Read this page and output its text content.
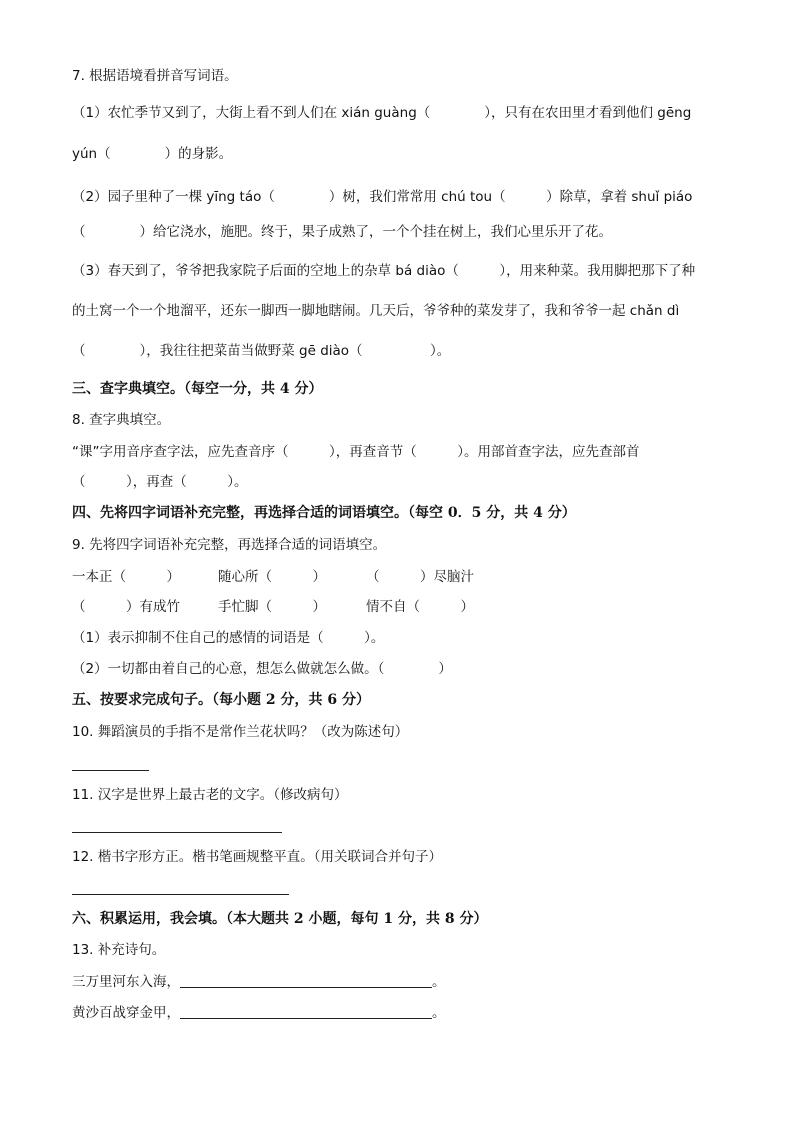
7. 根据语境看拼音写词语。
（1）农忙季节又到了，大街上看不到人们在 xián guàng（　　　　），只有在农田里才看到他们 gēng
yún（　　　　）的身影。
（2）园子里种了一棵 yīng táo（　　　　）树，我们常常用 chú tou（　　　）除草，拿着 shuǐ piáo
（　　　　）给它浇水，施肥。终于，果子成熟了，一个个挂在树上，我们心里乐开了花。
（3）春天到了，爷爷把我家院子后面的空地上的杂草 bá diào（　　　），用来种菜。我用脚把那下了种
的土窝一个一个地溜平，还东一脚西一脚地瞎闹。几天后，爷爷种的菜发芽了，我和爷爷一起 chǎn dì
（　　　　），我往往把菜苗当做野菜 gē diào（　　　　　）。
三、查字典填空。（每空一分，共 4 分）
8. 查字典填空。
“课”字用音序查字法，应先查音序（　　　），再查音节（　　　）。用部首查字法，应先查部首
（　　　），再查（　　　）。
四、先将四字词语补充完整，再选择合适的词语填空。（每空 0．5 分，共 4 分）
9. 先将四字词语补充完整，再选择合适的词语填空。
一本正（　　　）	随心所（　　　）	（　　　）尽脑汁
（　　　）有成竹	手忙脚（　　　）	情不自（　　　）
（1）表示抑制不住自己的感情的词语是（　　　）。
（2）一切都由着自己的心意，想怎么做就怎么做。（　　　　）
五、按要求完成句子。（每小题 2 分，共 6 分）
10. 舞蹈演员的手指不是常作兰花状吗？（改为陈述句）
11. 汉字是世界上最古老的文字。（修改病句）
12. 楷书字形方正。楷书笔画规整平直。（用关联词合并句子）
六、积累运用，我会填。（本大题共 2 小题，每句 1 分，共 8 分）
13. 补充诗句。
三万里河东入海，	。
黄沙百战穿金甲，	。
